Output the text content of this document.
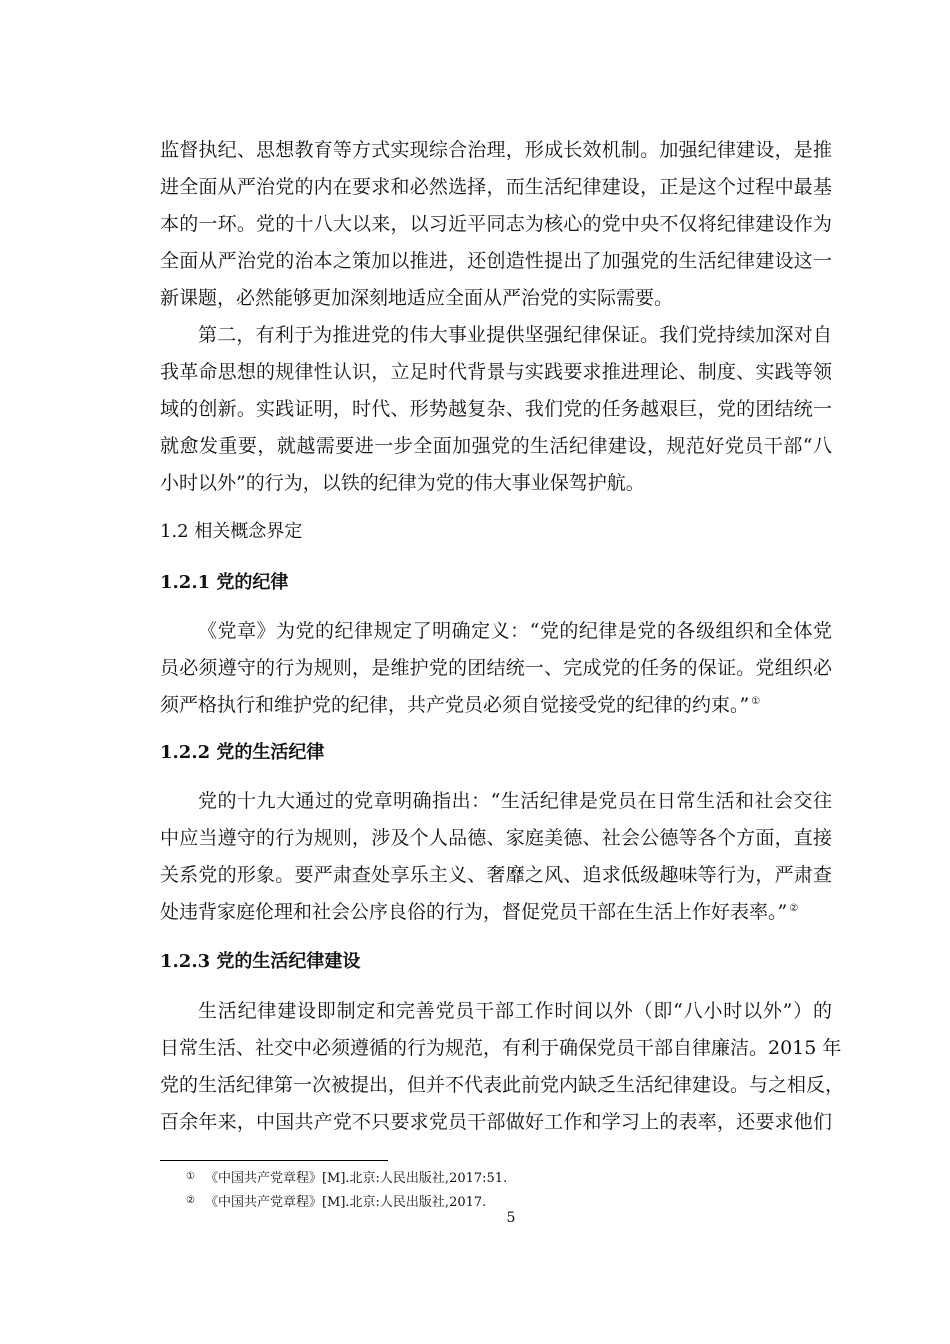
监督执纪、思想教育等方式实现综合治理，形成长效机制。加强纪律建设，是推
进全面从严治党的内在要求和必然选择，而生活纪律建设，正是这个过程中最基
本的一环。党的十八大以来，以习近平同志为核心的党中央不仅将纪律建设作为
全面从严治党的治本之策加以推进，还创造性提出了加强党的生活纪律建设这一
新课题，必然能够更加深刻地适应全面从严治党的实际需要。
第二，有利于为推进党的伟大事业提供坚强纪律保证。我们党持续加深对自
我革命思想的规律性认识，立足时代背景与实践要求推进理论、制度、实践等领
域的创新。实践证明，时代、形势越复杂、我们党的任务越艰巨，党的团结统一
就愈发重要，就越需要进一步全面加强党的生活纪律建设，规范好党员干部“八
小时以外”的行为，以铁的纪律为党的伟大事业保驾护航。
1.2 相关概念界定
1.2.1 党的纪律
《党章》为党的纪律规定了明确定义：“党的纪律是党的各级组织和全体党
员必须遵守的行为规则，是维护党的团结统一、完成党的任务的保证。党组织必
须严格执行和维护党的纪律，共产党员必须自觉接受党的纪律的约束。” ①
1.2.2 党的生活纪律
党的十九大通过的党章明确指出：“生活纪律是党员在日常生活和社会交往
中应当遵守的行为规则，涉及个人品德、家庭美德、社会公德等各个方面，直接
关系党的形象。要严肃查处享乐主义、奢靡之风、追求低级趣味等行为，严肃查
处违背家庭伦理和社会公序良俗的行为，督促党员干部在生活上作好表率。” ②
1.2.3 党的生活纪律建设
生活纪律建设即制定和完善党员干部工作时间以外（即“八小时以外”）的
日常生活、社交中必须遵循的行为规范，有利于确保党员干部自律廉洁。2015 年
党的生活纪律第一次被提出，但并不代表此前党内缺乏生活纪律建设。与之相反，
百余年来，中国共产党不只要求党员干部做好工作和学习上的表率，还要求他们
① 《中国共产党章程》[M].北京:人民出版社,2017:51.
② 《中国共产党章程》[M].北京:人民出版社,2017.
5
